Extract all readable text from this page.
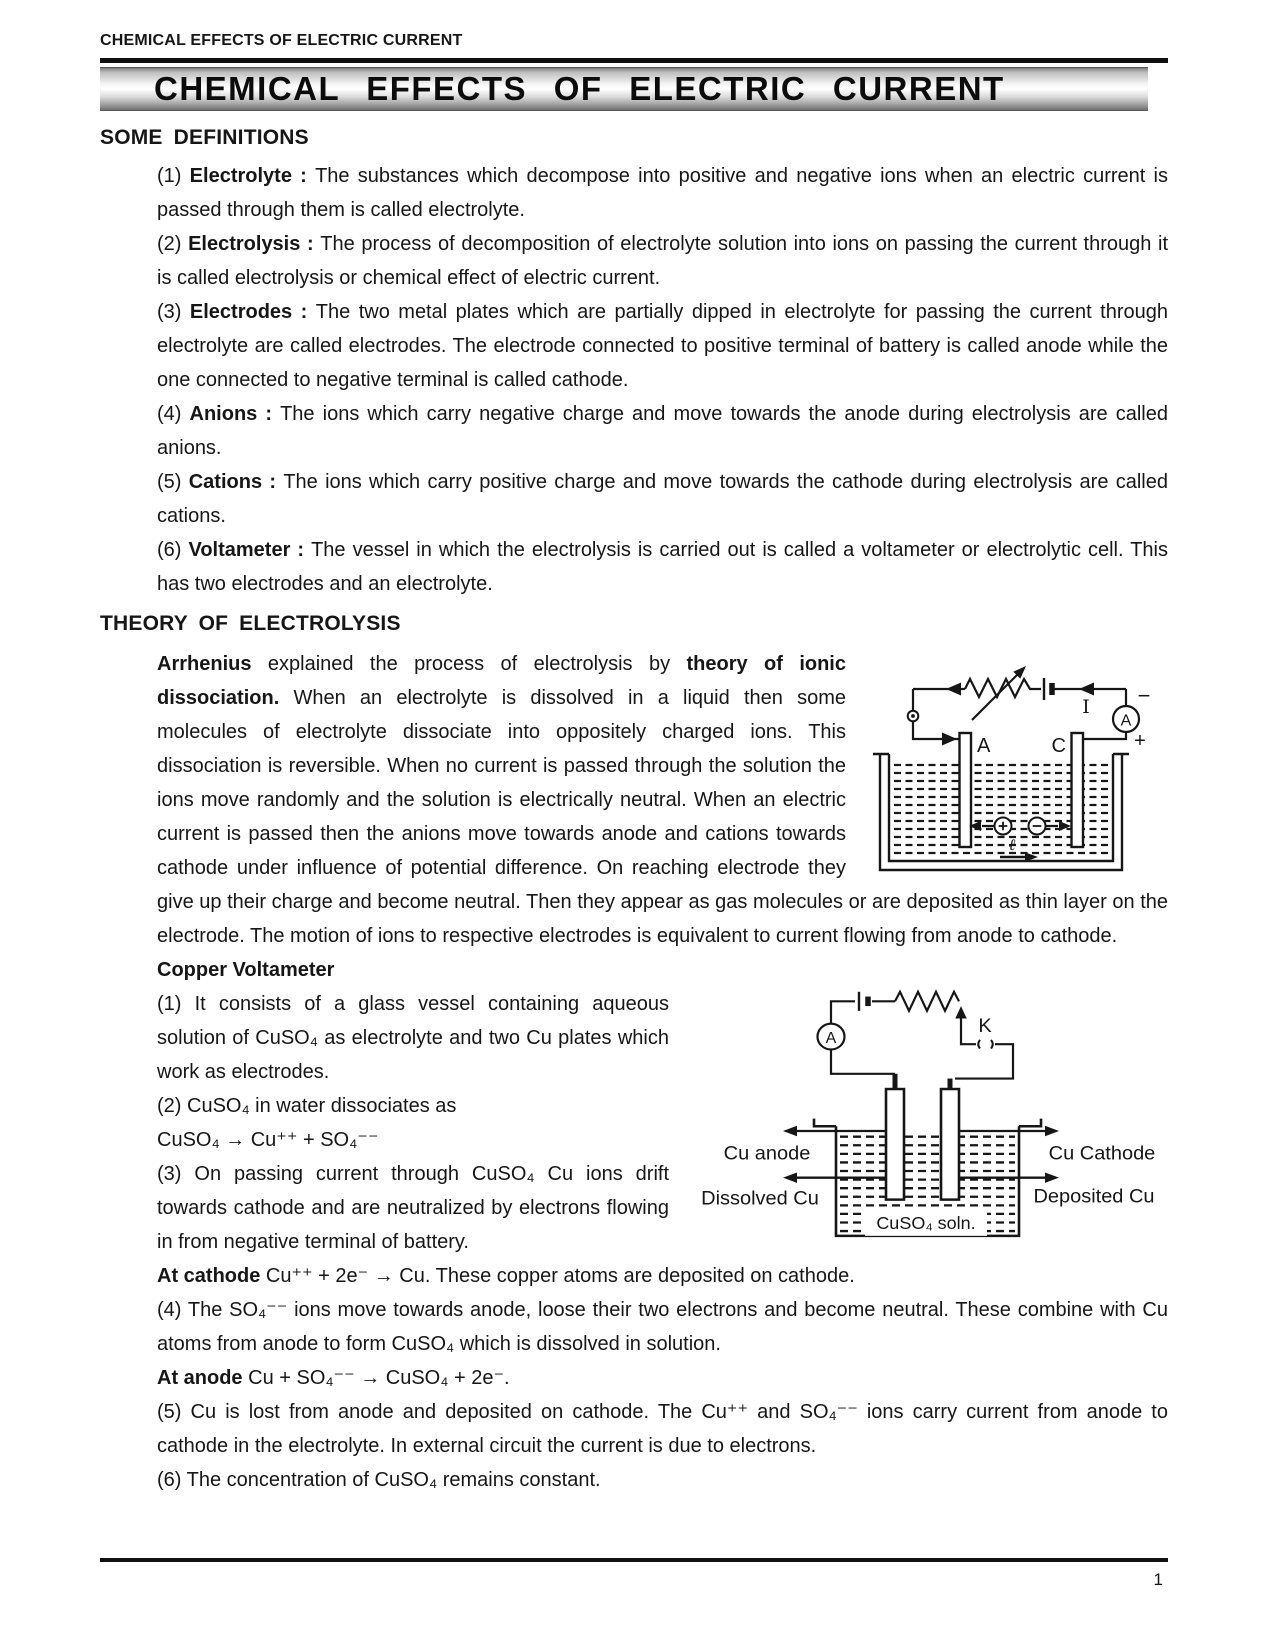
CHEMICAL EFFECTS OF ELECTRIC CURRENT
CHEMICAL EFFECTS OF ELECTRIC CURRENT
SOME DEFINITIONS

(1) Electrolyte : The substances which decompose into positive and negative ions when an electric current is passed through them is called electrolyte.

(2) Electrolysis : The process of decomposition of electrolyte solution into ions on passing the current through it is called electrolysis or chemical effect of electric current.

(3) Electrodes : The two metal plates which are partially dipped in electrolyte for passing the current through electrolyte are called electrodes. The electrode connected to positive terminal of battery is called anode while the one connected to negative terminal is called cathode.

(4) Anions : The ions which carry negative charge and move towards the anode during electrolysis are called anions.

(5) Cations : The ions which carry positive charge and move towards the cathode during electrolysis are called cations.

(6) Voltameter : The vessel in which the electrolysis is carried out is called a voltameter or electrolytic cell. This has two electrodes and an electrolyte.

THEORY OF ELECTROLYSIS
A
−
+
I
A	C
ℓ

Arrhenius explained the process of electrolysis by theory of ionic dissociation. When an electrolyte is dissolved in a liquid then some molecules of electrolyte dissociate into oppositely charged ions. This dissociation is reversible. When no current is passed through the solution the ions move randomly and the solution is electrically neutral. When an electric current is passed then the anions move towards anode and cations towards cathode under influence of potential difference. On reaching electrode they give up their charge and become neutral. Then they appear as gas molecules or are deposited as thin layer on the electrode. The motion of ions to respective electrodes is equivalent to current flowing from anode to cathode.

A
K
CuSO₄ soln.
Cu anode	Cu Cathode
Dissolved Cu	Deposited Cu

Copper Voltameter

(1) It consists of a glass vessel containing aqueous solution of CuSO₄ as electrolyte and two Cu plates which work as electrodes.

(2) CuSO₄ in water dissociates as

CuSO₄ → Cu⁺⁺ + SO₄⁻⁻

(3) On passing current through CuSO₄ Cu ions drift towards cathode and are neutralized by electrons flowing in from negative terminal of battery.

At cathode Cu⁺⁺ + 2e⁻ → Cu. These copper atoms are deposited on cathode.

(4) The SO₄⁻⁻ ions move towards anode, loose their two electrons and become neutral. These combine with Cu atoms from anode to form CuSO₄ which is dissolved in solution.

At anode Cu + SO₄⁻⁻ → CuSO₄ + 2e⁻.

(5) Cu is lost from anode and deposited on cathode. The Cu⁺⁺ and SO₄⁻⁻ ions carry current from anode to cathode in the electrolyte. In external circuit the current is due to electrons.

(6) The concentration of CuSO₄ remains constant.

1
